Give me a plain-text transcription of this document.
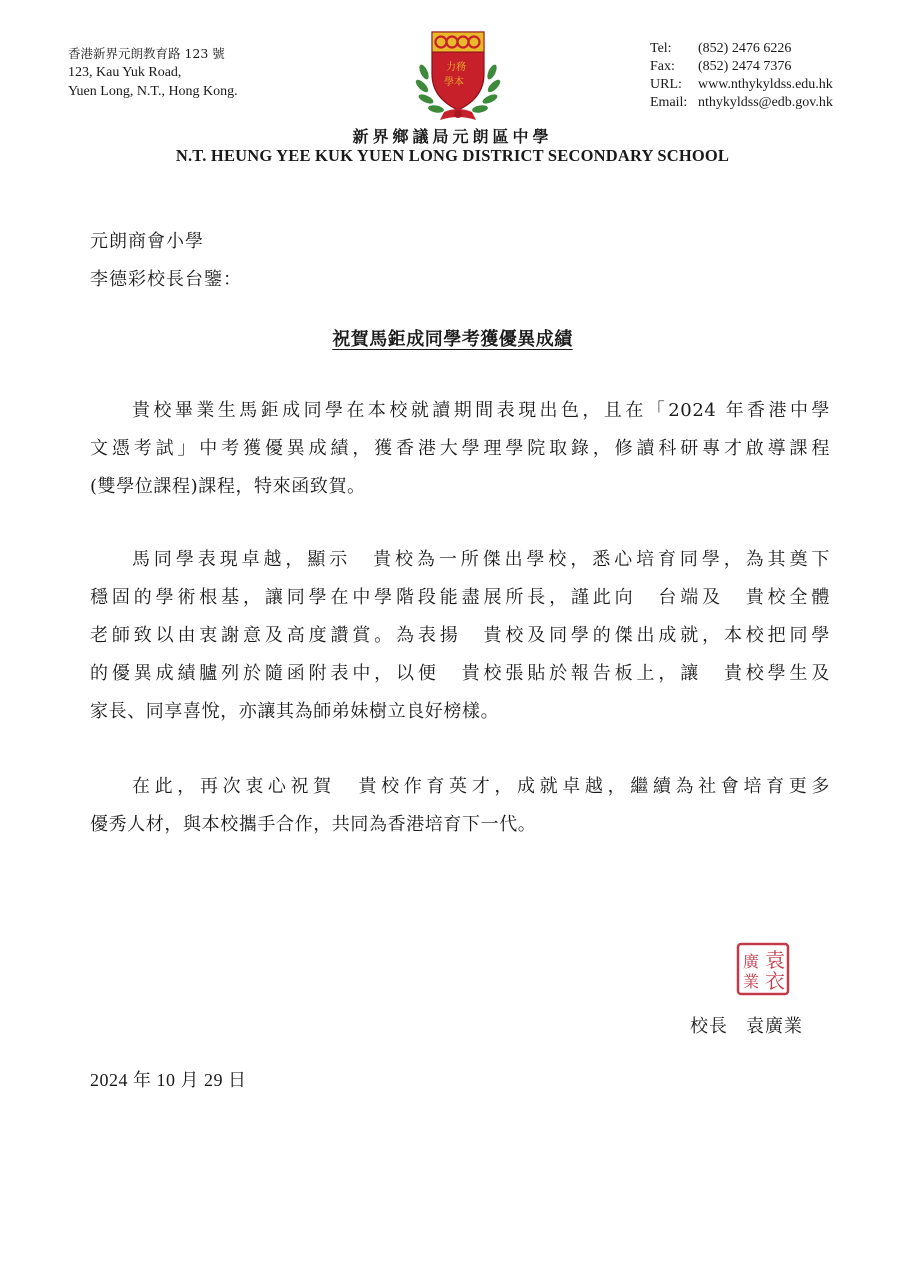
香港新界元朗教育路 123 號
123, Kau Yuk Road,
Yuen Long, N.T., Hong Kong.
力務
學本
Tel: (852) 2476 6226
Fax: (852) 2474 7376
URL: www.nthykyldss.edu.hk
Email: nthykyldss@edb.gov.hk
新界鄉議局元朗區中學
N.T. HEUNG YEE KUK YUEN LONG DISTRICT SECONDARY SCHOOL
元朗商會小學
李德彩校長台鑒：
祝賀馬鉅成同學考獲優異成績
貴校畢業生馬鉅成同學在本校就讀期間表現出色，且在「2024 年香港中學
文憑考試」中考獲優異成績，獲香港大學理學院取錄，修讀科研專才啟導課程
(雙學位課程)課程，特來函致賀。
馬同學表現卓越，顯示　貴校為一所傑出學校，悉心培育同學，為其奠下
穩固的學術根基，讓同學在中學階段能盡展所長，謹此向　台端及　貴校全體
老師致以由衷謝意及高度讚賞。為表揚　貴校及同學的傑出成就，本校把同學
的優異成績臚列於隨函附表中，以便　貴校張貼於報告板上，讓　貴校學生及
家長、同享喜悅，亦讓其為師弟妹樹立良好榜樣。
在此，再次衷心祝賀　貴校作育英才，成就卓越，繼續為社會培育更多
優秀人材，與本校攜手合作，共同為香港培育下一代。
袁
廣
業 衣
校長 袁廣業
2024 年 10 月 29 日
